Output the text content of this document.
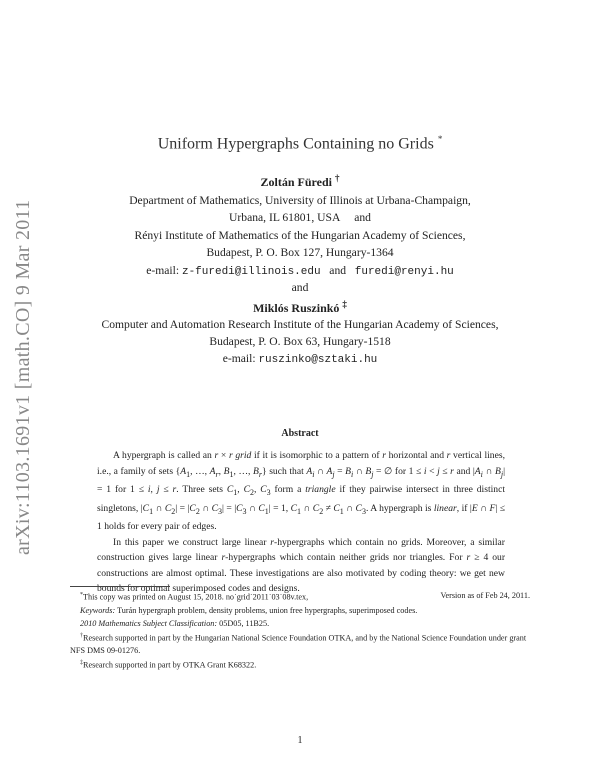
arXiv:1103.1691v1 [math.CO] 9 Mar 2011
Uniform Hypergraphs Containing no Grids *
Zoltán Füredi †
Department of Mathematics, University of Illinois at Urbana-Champaign,
Urbana, IL 61801, USA     and
Rényi Institute of Mathematics of the Hungarian Academy of Sciences,
Budapest, P. O. Box 127, Hungary-1364
e-mail: z-furedi@illinois.edu and furedi@renyi.hu
and
Miklós Ruszinkó ‡
Computer and Automation Research Institute of the Hungarian Academy of Sciences,
Budapest, P. O. Box 63, Hungary-1518
e-mail: ruszinko@sztaki.hu
Abstract

A hypergraph is called an r × r grid if it is isomorphic to a pattern of r horizontal and r vertical lines, i.e., a family of sets {$A_1$, …, $A_r$, $B_1$, …, $B_r$} such that $A_i$ ∩ $A_j = B_i$ ∩ $B_j$ = ∅ for 1 ≤ i < j ≤ r and $|A_i$ ∩ $B_j| = 1$ for 1 ≤ i, j ≤ r. Three sets $C_1$, $C_2$, $C_3$ form a triangle if they pairwise intersect in three distinct singletons, $|C_1$ ∩ $C_2| = |C_2$ ∩ $C_3| = |C_3$ ∩ $C_1| = 1$, $C_1$ ∩ $C_2 \ne C_1$ ∩ $C_3$. A hypergraph is linear, if |E ∩ F| ≤ 1 holds for every pair of edges.

In this paper we construct large linear r-hypergraphs which contain no grids. Moreover, a similar construction gives large linear r-hypergraphs which contain neither grids nor triangles. For r ≥ 4 our constructions are almost optimal. These investigations are also motivated by coding theory: we get new bounds for optimal superimposed codes and designs.

*This copy was printed on August 15, 2018. no˙grid˙2011˙03˙08v.tex,	Version as of Feb 24, 2011.

Keywords: Turán hypergraph problem, density problems, union free hypergraphs, superimposed codes.

2010 Mathematics Subject Classification: 05D05, 11B25.

†Research supported in part by the Hungarian National Science Foundation OTKA, and by the National Science Foundation under grant NFS DMS 09-01276.

‡Research supported in part by OTKA Grant K68322.

1
